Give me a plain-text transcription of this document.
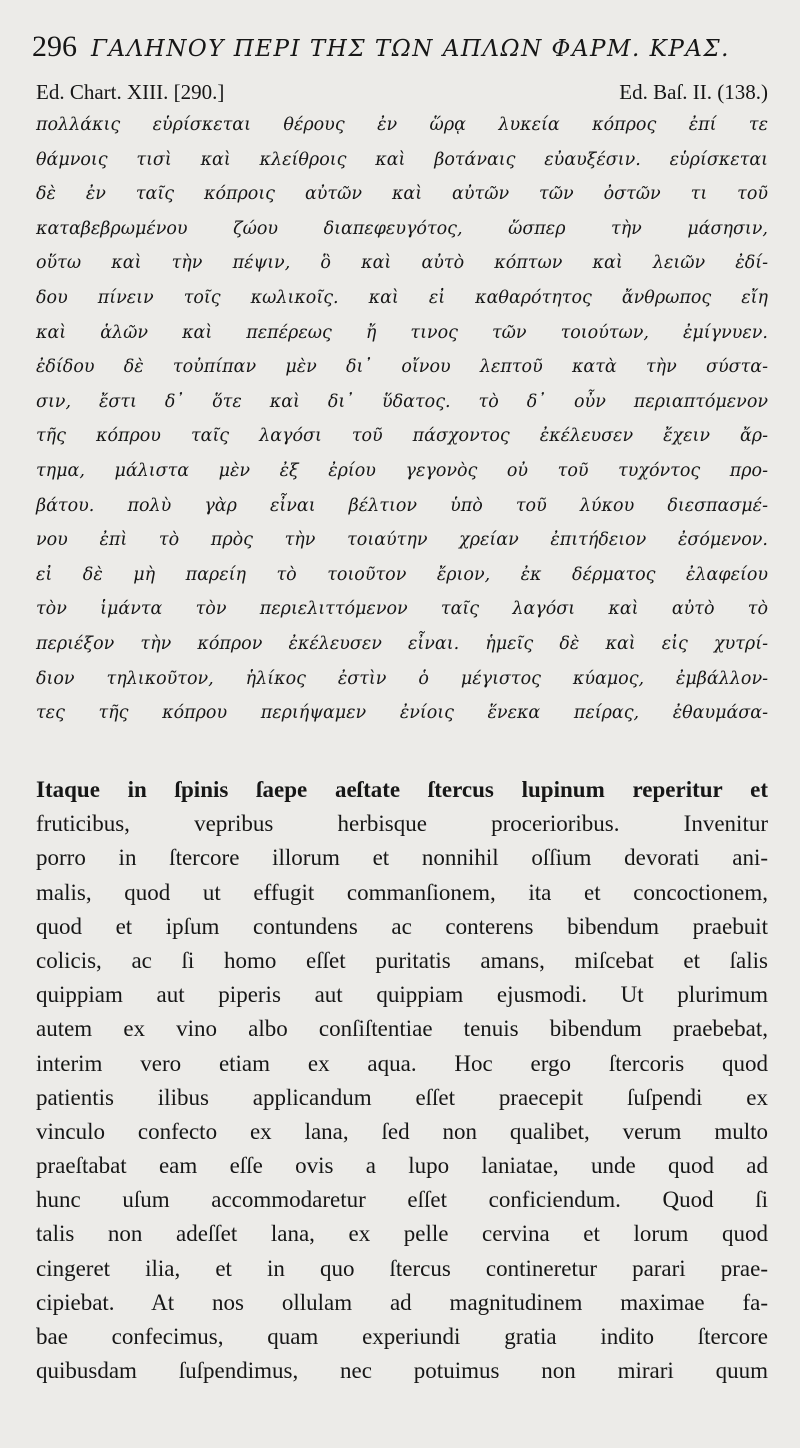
296 ΓΑΛΗΝΟΥ ΠΕΡΙ ΤΗΣ ΤΩΝ ΑΠΛΩΝ ΦΑΡΜ. ΚΡΑΣ.
Ed. Chart. XIII. [290.]	Ed. Baſ. II. (138.)
πολλάκις εὑρίσκεται θέρους ἐν ὥρᾳ λυκεία κόπρος ἐπί τε
θάμνοις τισὶ καὶ κλείθροις καὶ βοτάναις εὐαυξέσιν. εὑρίσκεται
δὲ ἐν ταῖς κόπροις αὐτῶν καὶ αὐτῶν τῶν ὀστῶν τι τοῦ
καταβεβρωμένου ζώου διαπεφευγότος, ὥσπερ τὴν μάσησιν,
οὕτω καὶ τὴν πέψιν, ὃ καὶ αὐτὸ κόπτων καὶ λειῶν ἐδί-
δου πίνειν τοῖς κωλικοῖς. καὶ εἰ καθαρότητος ἄνθρωπος εἴη
καὶ ἁλῶν καὶ πεπέρεως ἤ τινος τῶν τοιούτων, ἐμίγνυεν.
ἐδίδου δὲ τοὐπίπαν μὲν δι᾽ οἴνου λεπτοῦ κατὰ τὴν σύστα-
σιν, ἔστι δ᾽ ὅτε καὶ δι᾽ ὕδατος. τὸ δ᾽ οὖν περιαπτόμενον
τῆς κόπρου ταῖς λαγόσι τοῦ πάσχοντος ἐκέλευσεν ἔχειν ἄρ-
τημα, μάλιστα μὲν ἐξ ἐρίου γεγονὸς οὐ τοῦ τυχόντος προ-
βάτου. πολὺ γὰρ εἶναι βέλτιον ὑπὸ τοῦ λύκου διεσπασμέ-
νου ἐπὶ τὸ πρὸς τὴν τοιαύτην χρείαν ἐπιτήδειον ἐσόμενον.
εἰ δὲ μὴ παρείη τὸ τοιοῦτον ἔριον, ἐκ δέρματος ἐλαφείου
τὸν ἱμάντα τὸν περιελιττόμενον ταῖς λαγόσι καὶ αὐτὸ τὸ
περιέξον τὴν κόπρον ἐκέλευσεν εἶναι. ἡμεῖς δὲ καὶ εἰς χυτρί-
διον τηλικοῦτον, ἡλίκος ἐστὶν ὁ μέγιστος κύαμος, ἐμβάλλον-
τες τῆς κόπρου περιήψαμεν ἐνίοις ἕνεκα πείρας, ἐθαυμάσα-
Itaque in ſpinis ſaepe aeſtate ſtercus lupinum reperitur et
fruticibus, vepribus herbisque procerioribus. Invenitur
porro in ſtercore illorum et nonnihil oſſium devorati ani-
malis, quod ut effugit commanſionem, ita et concoctionem,
quod et ipſum contundens ac conterens bibendum praebuit
colicis, ac ſi homo eſſet puritatis amans, miſcebat et ſalis
quippiam aut piperis aut quippiam ejusmodi. Ut plurimum
autem ex vino albo conſiſtentiae tenuis bibendum praebebat,
interim vero etiam ex aqua. Hoc ergo ſtercoris quod
patientis ilibus applicandum eſſet praecepit ſuſpendi ex
vinculo confecto ex lana, ſed non qualibet, verum multo
praeſtabat eam eſſe ovis a lupo laniatae, unde quod ad
hunc uſum accommodaretur eſſet conficiendum. Quod ſi
talis non adeſſet lana, ex pelle cervina et lorum quod
cingeret ilia, et in quo ſtercus contineretur parari prae-
cipiebat. At nos ollulam ad magnitudinem maximae fa-
bae confecimus, quam experiundi gratia indito ſtercore
quibusdam ſuſpendimus, nec potuimus non mirari quum
